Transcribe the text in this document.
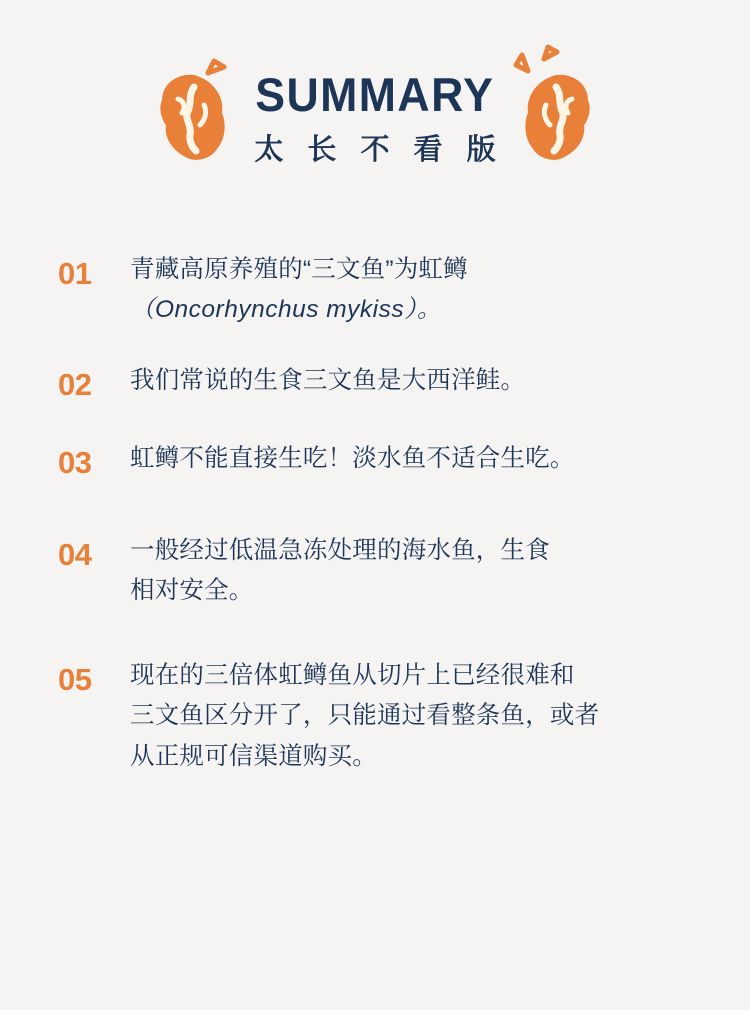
SUMMARY
太 长 不 看 版
01	青藏高原养殖的“三文鱼”为虹鳟
（Oncorhynchus mykiss）。
02	我们常说的生食三文鱼是大西洋鲑。
03	虹鳟不能直接生吃！淡水鱼不适合生吃。
04	一般经过低温急冻处理的海水鱼，生食
相对安全。
05	现在的三倍体虹鳟鱼从切片上已经很难和
三文鱼区分开了，只能通过看整条鱼，或者
从正规可信渠道购买。
